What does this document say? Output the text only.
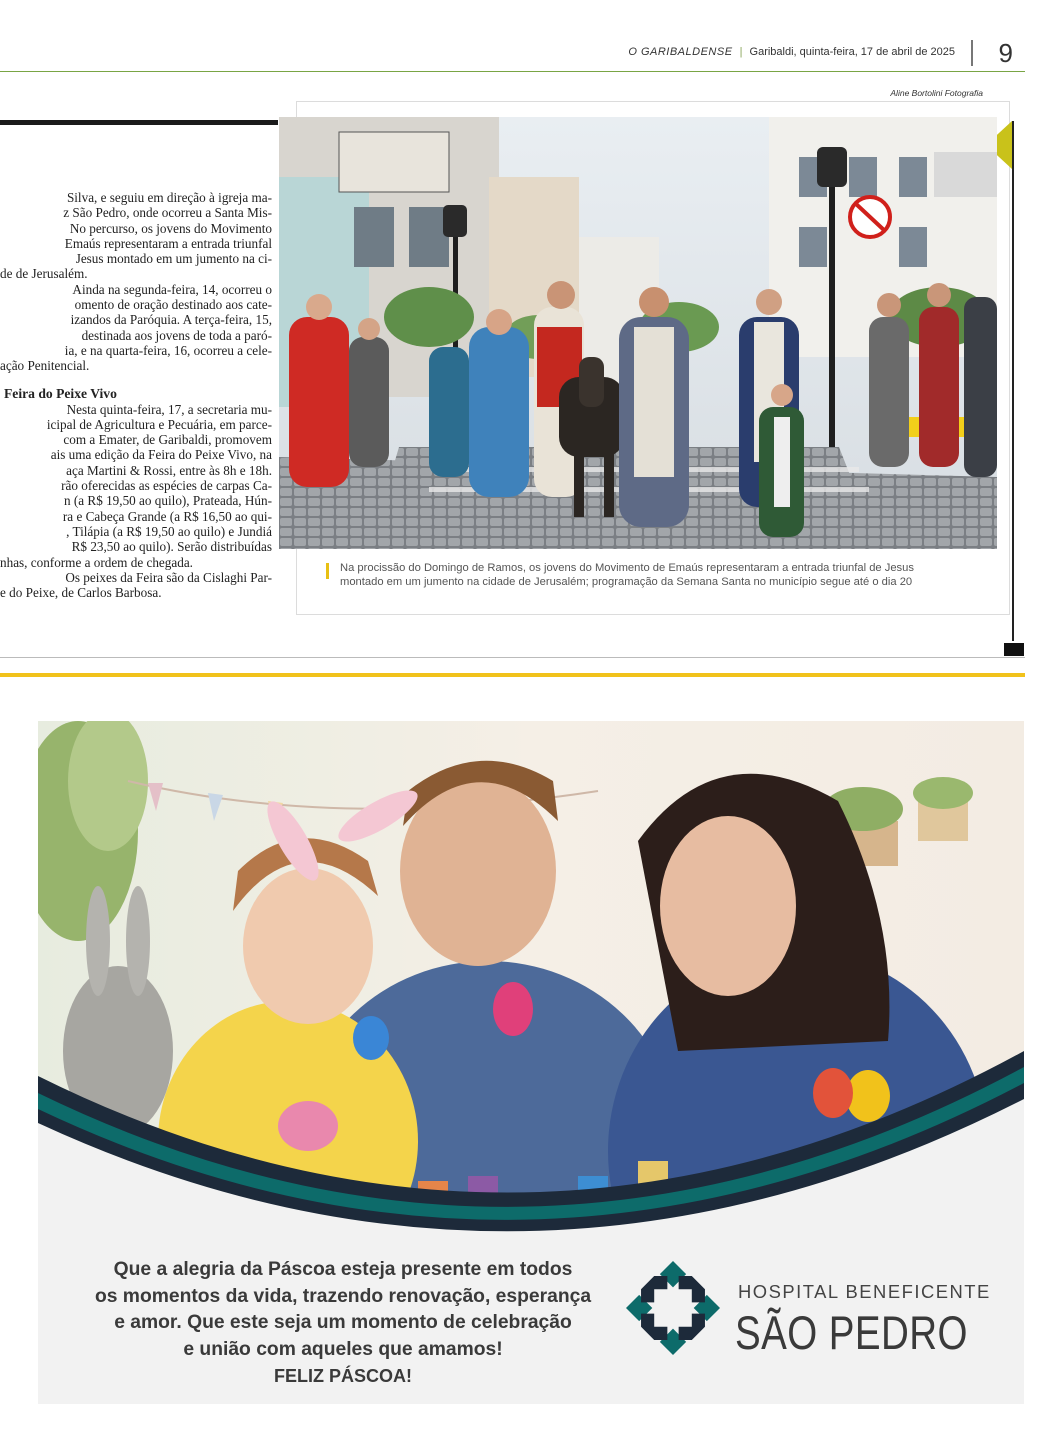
O GARIBALDENSE | Garibaldi, quinta-feira, 17 de abril de 2025 9
Silva, e seguiu em direção à igreja ma-
z São Pedro, onde ocorreu a Santa Mis-
No percurso, os jovens do Movimento
Emaús representaram a entrada triunfal
Jesus montado em um jumento na ci-
de de Jerusalém.
Ainda na segunda-feira, 14, ocorreu o
omento de oração destinado aos cate-
izandos da Paróquia. A terça-feira, 15,
destinada aos jovens de toda a paró-
ia, e na quarta-feira, 16, ocorreu a cele-
ação Penitencial.
Feira do Peixe Vivo
Nesta quinta-feira, 17, a secretaria mu-
icipal de Agricultura e Pecuária, em parce-
com a Emater, de Garibaldi, promovem
ais uma edição da Feira do Peixe Vivo, na
aça Martini & Rossi, entre às 8h e 18h.
rão oferecidas as espécies de carpas Ca-
n (a R$ 19,50 ao quilo), Prateada, Hún-
ra e Cabeça Grande (a R$ 16,50 ao qui-
, Tilápia (a R$ 19,50 ao quilo) e Jundiá
R$ 23,50 ao quilo). Serão distribuídas
nhas, conforme a ordem de chegada.
Os peixes da Feira são da Cislaghi Par-
e do Peixe, de Carlos Barbosa.
Aline Bortolini Fotografia
Na procissão do Domingo de Ramos, os jovens do Movimento de Emaús representaram a entrada triunfal de Jesus
montado em um jumento na cidade de Jerusalém; programação da Semana Santa no município segue até o dia 20
Que a alegria da Páscoa esteja presente em todos
os momentos da vida, trazendo renovação, esperança
e amor. Que este seja um momento de celebração
e união com aqueles que amamos!
FELIZ PÁSCOA!
HOSPITAL BENEFICENTE
SÃO PEDRO
